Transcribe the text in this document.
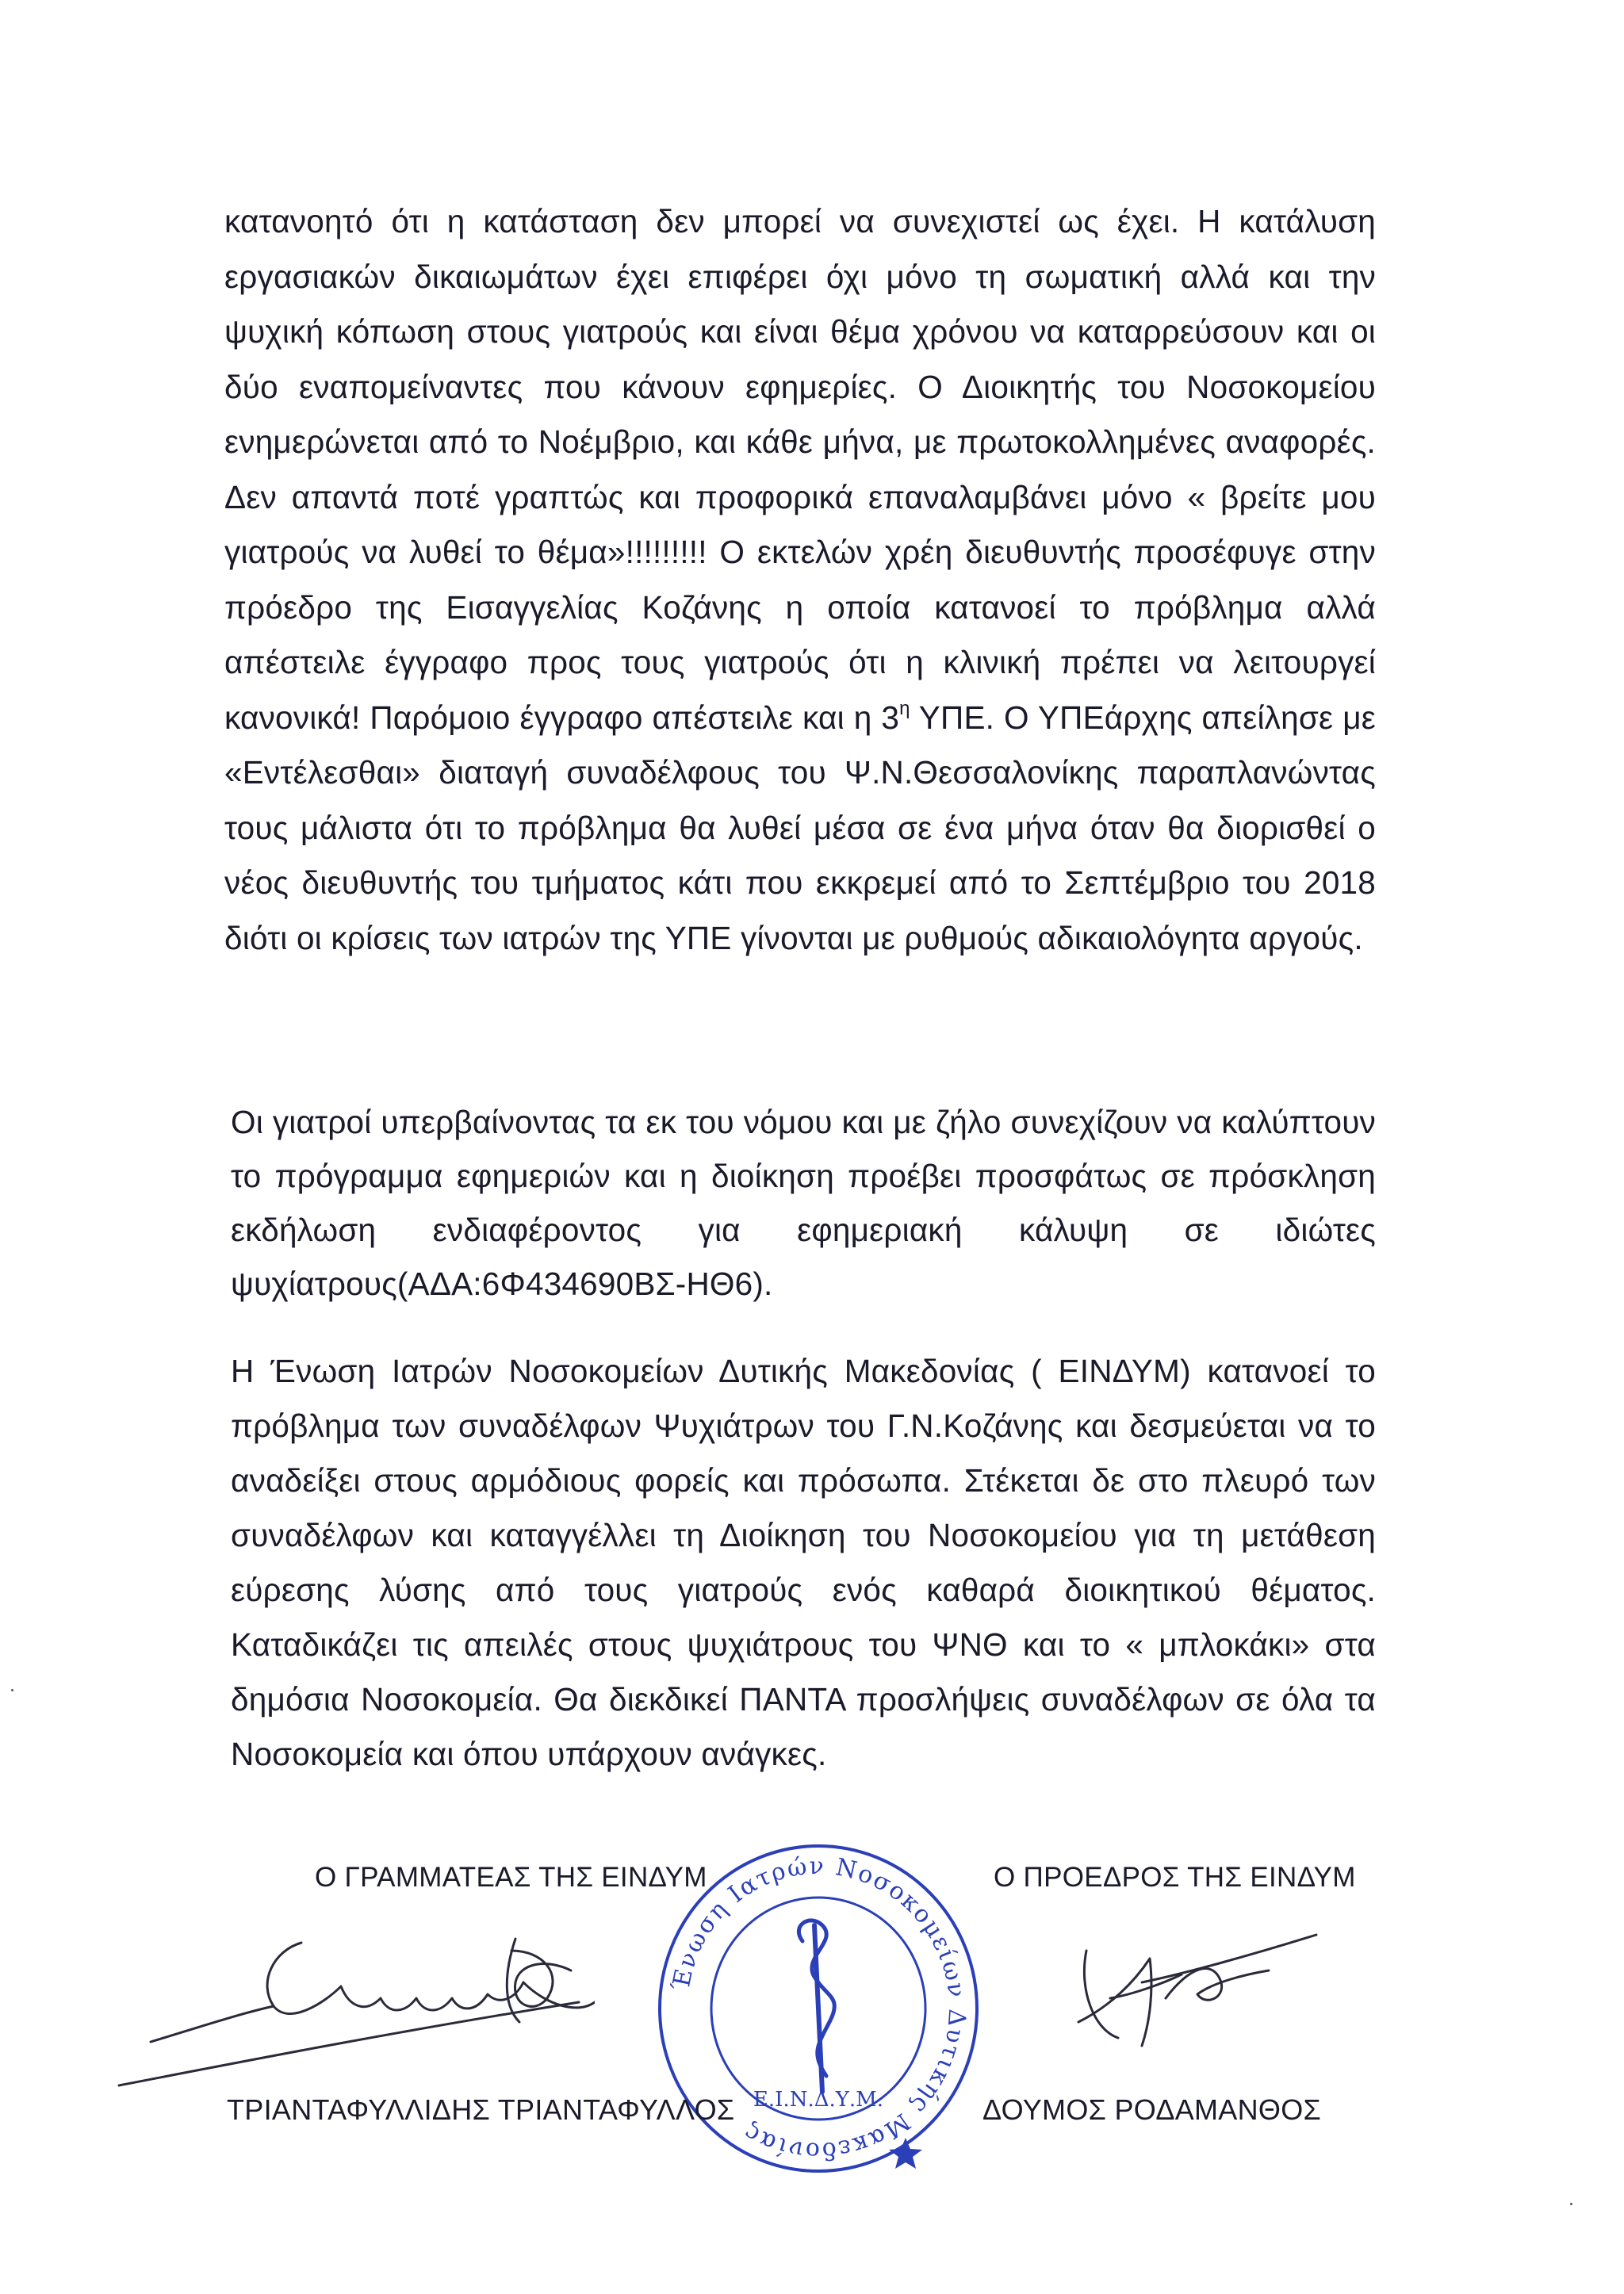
κατανοητό ότι η κατάσταση δεν μπορεί να συνεχιστεί ως έχει. Η κατάλυση εργασιακών δικαιωμάτων έχει επιφέρει όχι μόνο τη σωματική αλλά και την ψυχική κόπωση στους γιατρούς και είναι θέμα χρόνου να καταρρεύσουν και οι δύο εναπομείναντες που κάνουν εφημερίες. Ο Διοικητής του Νοσοκομείου ενημερώνεται από το Νοέμβριο, και κάθε μήνα, με πρωτοκολλημένες αναφορές. Δεν απαντά ποτέ γραπτώς και προφορικά επαναλαμβάνει μόνο « βρείτε μου γιατρούς να λυθεί το θέμα»!!!!!!!!! Ο εκτελών χρέη διευθυντής προσέφυγε στην πρόεδρο της Εισαγγελίας Κοζάνης η οποία κατανοεί το πρόβλημα αλλά απέστειλε έγγραφο προς τους γιατρούς ότι η κλινική πρέπει να λειτουργεί κανονικά! Παρόμοιο έγγραφο απέστειλε και η $3^\eta$ ΥΠΕ. Ο ΥΠΕάρχης απείλησε με «Εντέλεσθαι» διαταγή συναδέλφους του Ψ.Ν.Θεσσαλονίκης παραπλανώντας τους μάλιστα ότι το πρόβλημα θα λυθεί μέσα σε ένα μήνα όταν θα διορισθεί ο νέος διευθυντής του τμήματος κάτι που εκκρεμεί από το Σεπτέμβριο του 2018 διότι οι κρίσεις των ιατρών της ΥΠΕ γίνονται με ρυθμούς αδικαιολόγητα αργούς.

Οι γιατροί υπερβαίνοντας τα εκ του νόμου και με ζήλο συνεχίζουν να καλύπτουν το πρόγραμμα εφημεριών και η διοίκηση προέβει προσφάτως σε πρόσκληση εκδήλωση ενδιαφέροντος για εφημεριακή κάλυψη σε ιδιώτες ψυχίατρους(ΑΔΑ:6Φ434690ΒΣ-ΗΘ6).

Η Ένωση Ιατρών Νοσοκομείων Δυτικής Μακεδονίας ( ΕΙΝΔΥΜ) κατανοεί το πρόβλημα των συναδέλφων Ψυχιάτρων του Γ.Ν.Κοζάνης και δεσμεύεται να το αναδείξει στους αρμόδιους φορείς και πρόσωπα. Στέκεται δε στο πλευρό των συναδέλφων και καταγγέλλει τη Διοίκηση του Νοσοκομείου για τη μετάθεση εύρεσης λύσης από τους γιατρούς ενός καθαρά διοικητικού θέματος. Καταδικάζει τις απειλές στους ψυχιάτρους του ΨΝΘ και το « μπλοκάκι» στα δημόσια Νοσοκομεία. Θα διεκδικεί ΠΑΝΤΑ προσλήψεις συναδέλφων σε όλα τα Νοσοκομεία και όπου υπάρχουν ανάγκες.

Ο ΓΡΑΜΜΑΤΕΑΣ ΤΗΣ ΕΙΝΔΥΜ	Ο ΠΡΟΕΔΡΟΣ ΤΗΣ ΕΙΝΔΥΜ
Ένωση Ιατρών Νοσοκομείων Δυτικής Μακεδονίας
Ε.Ι.Ν.Δ.Υ.Μ.
ΤΡΙΑΝΤΑΦΥΛΛΙΔΗΣ ΤΡΙΑΝΤΑΦΥΛΛΟΣ	ΔΟΥΜΟΣ ΡΟΔΑΜΑΝΘΟΣ
